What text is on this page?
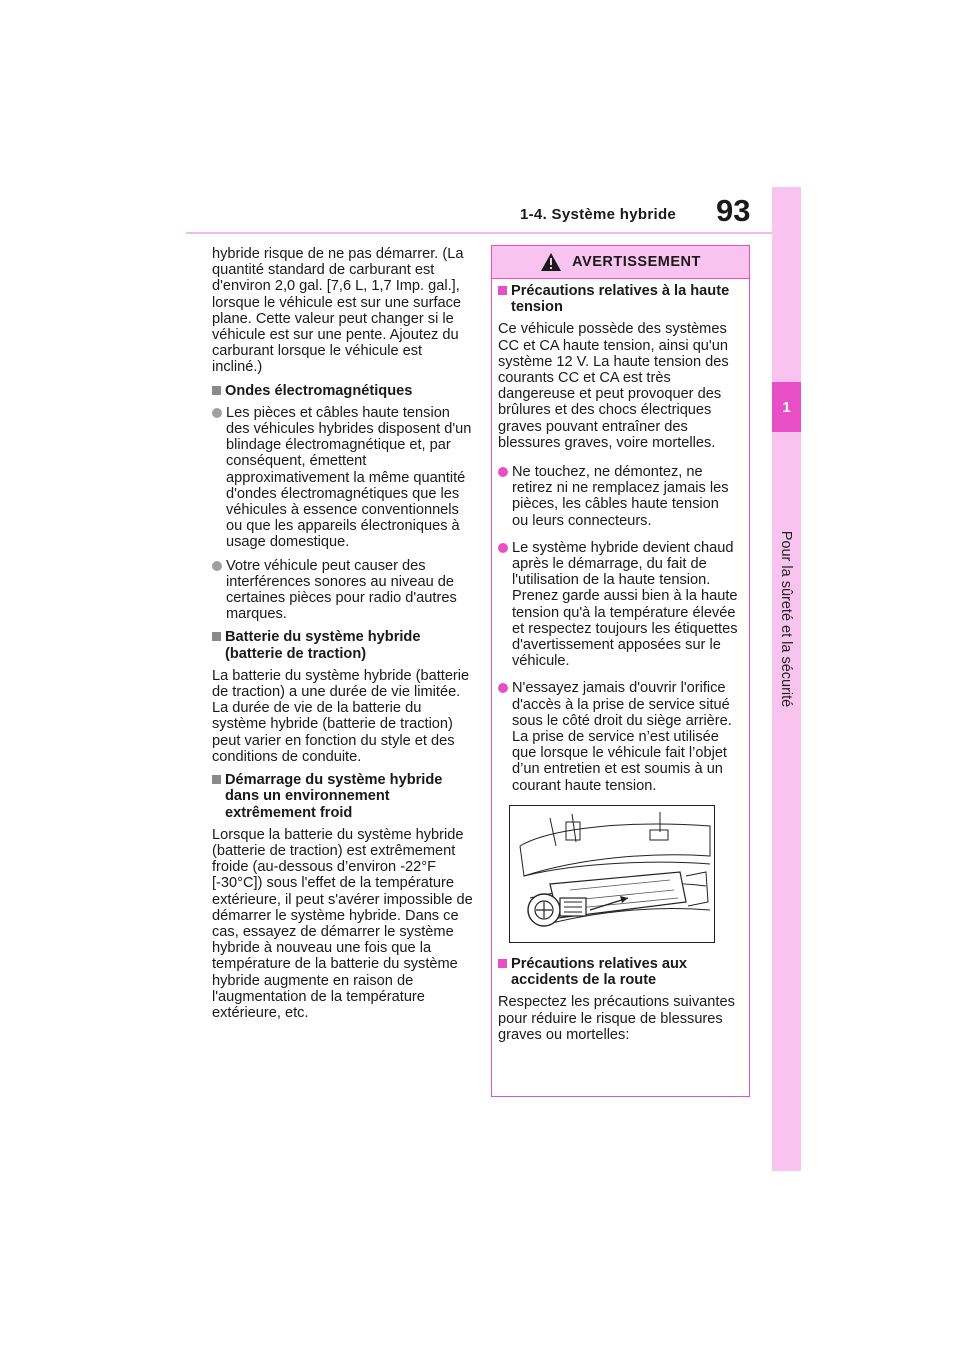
1-4. Système hybride 93
1
Pour la sûreté et la sécurité

hybride risque de ne pas démarrer. (La quantité standard de carburant est d'environ 2,0 gal. [7,6 L, 1,7 Imp. gal.], lorsque le véhicule est sur une surface plane. Cette valeur peut changer si le véhicule est sur une pente. Ajoutez du carburant lorsque le véhicule est incliné.)

Ondes électromagnétiques
Les pièces et câbles haute tension des véhicules hybrides disposent d'un blindage électromagnétique et, par conséquent, émettent approximativement la même quantité d'ondes électromagnétiques que les véhicules à essence conventionnels ou que les appareils électroniques à usage domestique.
Votre véhicule peut causer des interférences sonores au niveau de certaines pièces pour radio d'autres marques.
Batterie du système hybride (batterie de traction)

La batterie du système hybride (batterie de traction) a une durée de vie limitée. La durée de vie de la batterie du système hybride (batterie de traction) peut varier en fonction du style et des conditions de conduite.

Démarrage du système hybride dans un environnement extrêmement froid

Lorsque la batterie du système hybride (batterie de traction) est extrêmement froide (au-dessous d’environ -22°F [-30°C]) sous l'effet de la température extérieure, il peut s'avérer impossible de démarrer le système hybride. Dans ce cas, essayez de démarrer le système hybride à nouveau une fois que la température de la batterie du système hybride augmente en raison de l'augmentation de la température extérieure, etc.

AVERTISSEMENT
Précautions relatives à la haute tension

Ce véhicule possède des systèmes CC et CA haute tension, ainsi qu'un système 12 V. La haute tension des courants CC et CA est très dangereuse et peut provoquer des brûlures et des chocs électriques graves pouvant entraîner des blessures graves, voire mortelles.

Ne touchez, ne démontez, ne retirez ni ne remplacez jamais les pièces, les câbles haute tension ou leurs connecteurs.
Le système hybride devient chaud après le démarrage, du fait de l'utilisation de la haute tension. Prenez garde aussi bien à la haute tension qu'à la température élevée et respectez toujours les étiquettes d'avertissement apposées sur le véhicule.
N'essayez jamais d'ouvrir l'orifice d'accès à la prise de service situé sous le côté droit du siège arrière. La prise de service n’est utilisée que lorsque le véhicule fait l’objet d’un entretien et est soumis à un courant haute tension.
Précautions relatives aux accidents de la route

Respectez les précautions suivantes pour réduire le risque de blessures graves ou mortelles:
